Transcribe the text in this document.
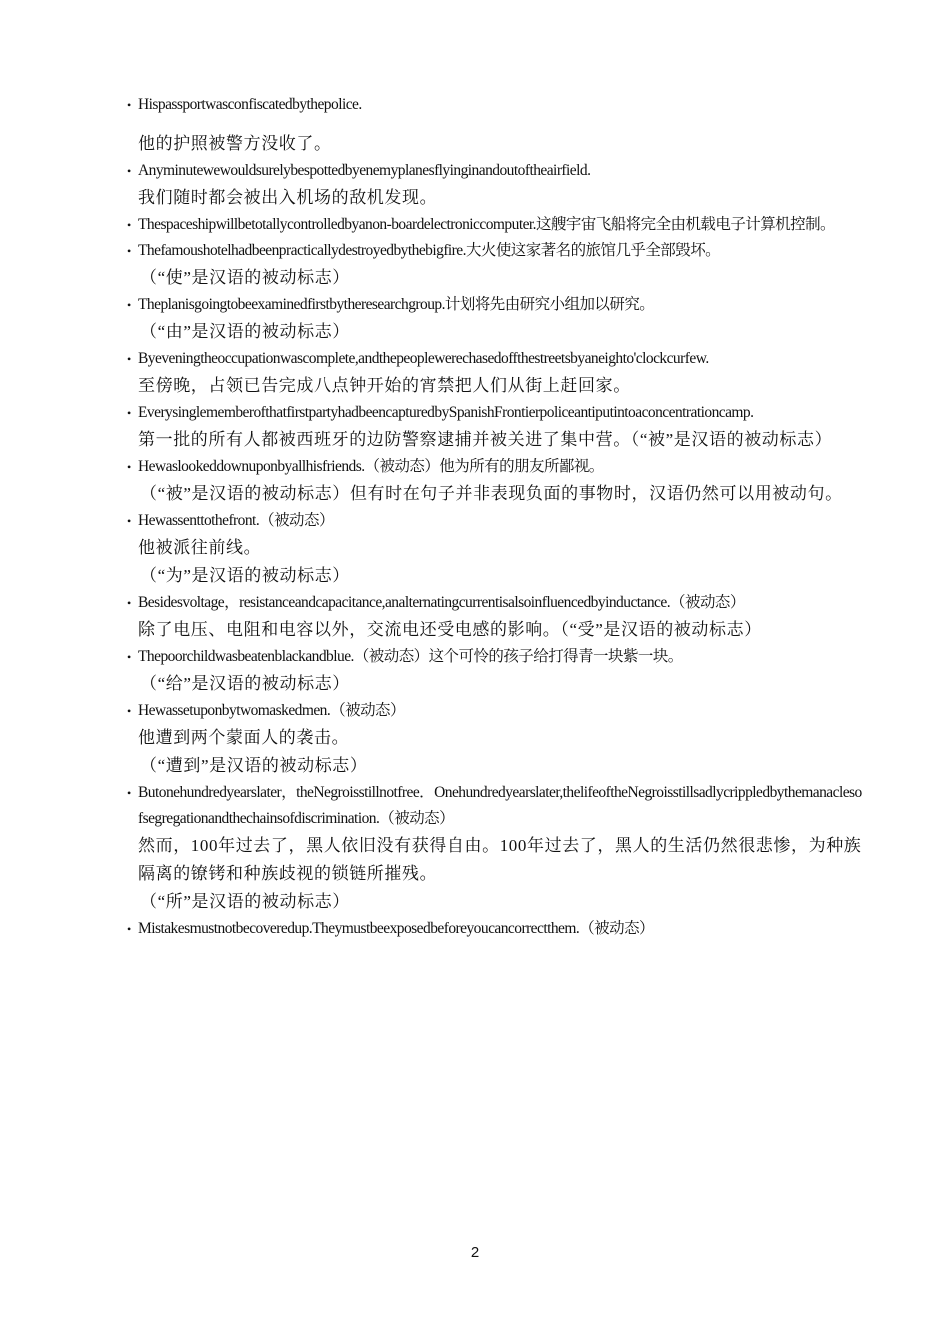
• Hispassportwasconfiscatedbythepolice.
他的护照被警方没收了。
• Anyminutewewouldsurelybespottedbyenemyplanesflyinginandoutoftheairfield.
我们随时都会被出入机场的敌机发现。
• Thespaceshipwillbetotallycontrolledbyanon-boardelectroniccomputer.这艘宇宙飞船将完全由机载电子计算机控制。
• Thefamoushotelhadbeenpracticallydestroyedbythebigfire.大火使这家著名的旅馆几乎全部毁坏。
（“使”是汉语的被动标志）
• Theplanisgoingtobeexaminedfirstbytheresearchgroup.计划将先由研究小组加以研究。
（“由”是汉语的被动标志）
• Byeveningtheoccupationwascomplete,andthepeoplewerechasedoffthestreetsbyaneighto'clockcurfew.
至傍晚，占领已告完成八点钟开始的宵禁把人们从街上赶回家。
• EverysinglememberofthatfirstpartyhadbeencapturedbySpanishFrontierpoliceantiputintoaconcentrationcamp.
第一批的所有人都被西班牙的边防警察逮捕并被关进了集中营。（“被”是汉语的被动标志）
• Hewaslookeddownuponbyallhisfriends.（被动态）他为所有的朋友所鄙视。
（“被”是汉语的被动标志）但有时在句子并非表现负面的事物时，汉语仍然可以用被动句。
• Hewassenttothefront.（被动态）
他被派往前线。
（“为”是汉语的被动标志）
• Besidesvoltage，resistanceandcapacitance,analternatingcurrentisalsoinfluencedbyinductance.（被动态）
除了电压、电阻和电容以外，交流电还受电感的影响。（“受”是汉语的被动标志）
• Thepoorchildwasbeatenblackandblue.（被动态）这个可怜的孩子给打得青一块紫一块。
（“给”是汉语的被动标志）
• Hewassetuponbytwomaskedmen.（被动态）
他遭到两个蒙面人的袭击。
（“遭到”是汉语的被动标志）
• Butonehundredyearslater，theNegroisstillnotfree．Onehundredyearslater,thelifeoftheNegroisstillsadlycrippledbythemanaclesofsegregationandthechainsofdiscrimination.（被动态）
然而，100年过去了，黑人依旧没有获得自由。100年过去了，黑人的生活仍然很悲惨，为种族隔离的镣铐和种族歧视的锁链所摧残。
（“所”是汉语的被动标志）
• Mistakesmustnotbecoveredup.Theymustbeexposedbeforeyoucancorrectthem.（被动态）
2
